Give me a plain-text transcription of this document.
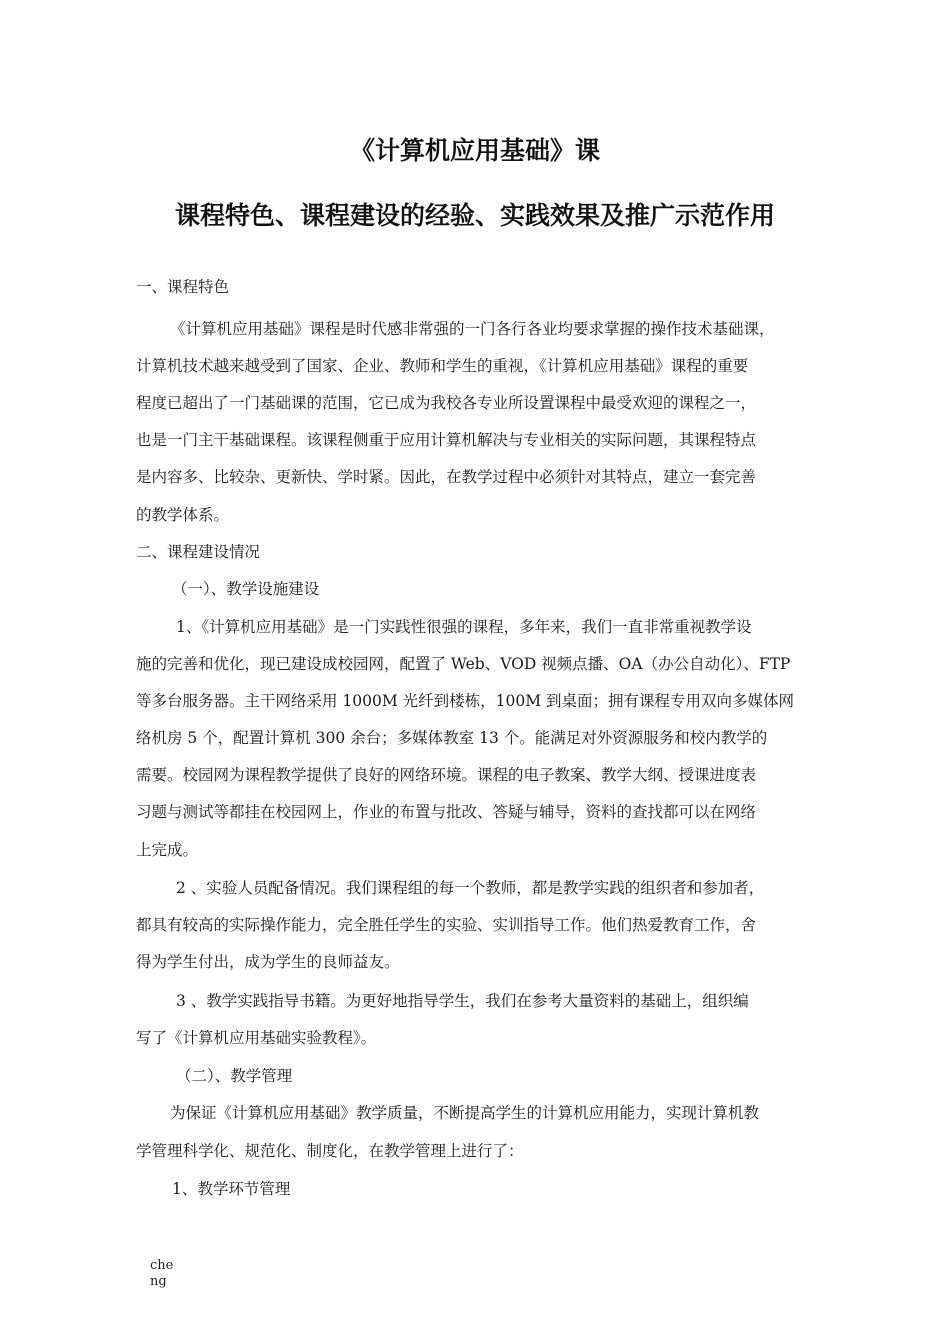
《计算机应用基础》课
课程特色、课程建设的经验、实践效果及推广示范作用
一、课程特色
《计算机应用基础》课程是时代感非常强的一门各行各业均要求掌握的操作技术基础课，
计算机技术越来越受到了国家、企业、教师和学生的重视，《计算机应用基础》课程的重要
程度已超出了一门基础课的范围，它已成为我校各专业所设置课程中最受欢迎的课程之一，
也是一门主干基础课程。该课程侧重于应用计算机解决与专业相关的实际问题，其课程特点
是内容多、比较杂、更新快、学时紧。因此，在教学过程中必须针对其特点，建立一套完善
的教学体系。
二、课程建设情况
（一）、教学设施建设
1、《计算机应用基础》是一门实践性很强的课程，多年来，我们一直非常重视教学设
施的完善和优化，现已建设成校园网，配置了 Web、VOD 视频点播、OA（办公自动化）、FTP
等多台服务器。主干网络采用 1000M 光纤到楼栋，100M 到桌面；拥有课程专用双向多媒体网
络机房 5 个，配置计算机 300 余台；多媒体教室 13 个。能满足对外资源服务和校内教学的
需要。校园网为课程教学提供了良好的网络环境。课程的电子教案、教学大纲、授课进度表
习题与测试等都挂在校园网上，作业的布置与批改、答疑与辅导，资料的查找都可以在网络
上完成。
2 、实验人员配备情况。我们课程组的每一个教师，都是教学实践的组织者和参加者，
都具有较高的实际操作能力，完全胜任学生的实验、实训指导工作。他们热爱教育工作，舍
得为学生付出，成为学生的良师益友。
3 、教学实践指导书籍。为更好地指导学生，我们在参考大量资料的基础上，组织编
写了《计算机应用基础实验教程》。
（二）、教学管理
为保证《计算机应用基础》教学质量，不断提高学生的计算机应用能力，实现计算机教
学管理科学化、规范化、制度化，在教学管理上进行了：
1、教学环节管理
che
ng
